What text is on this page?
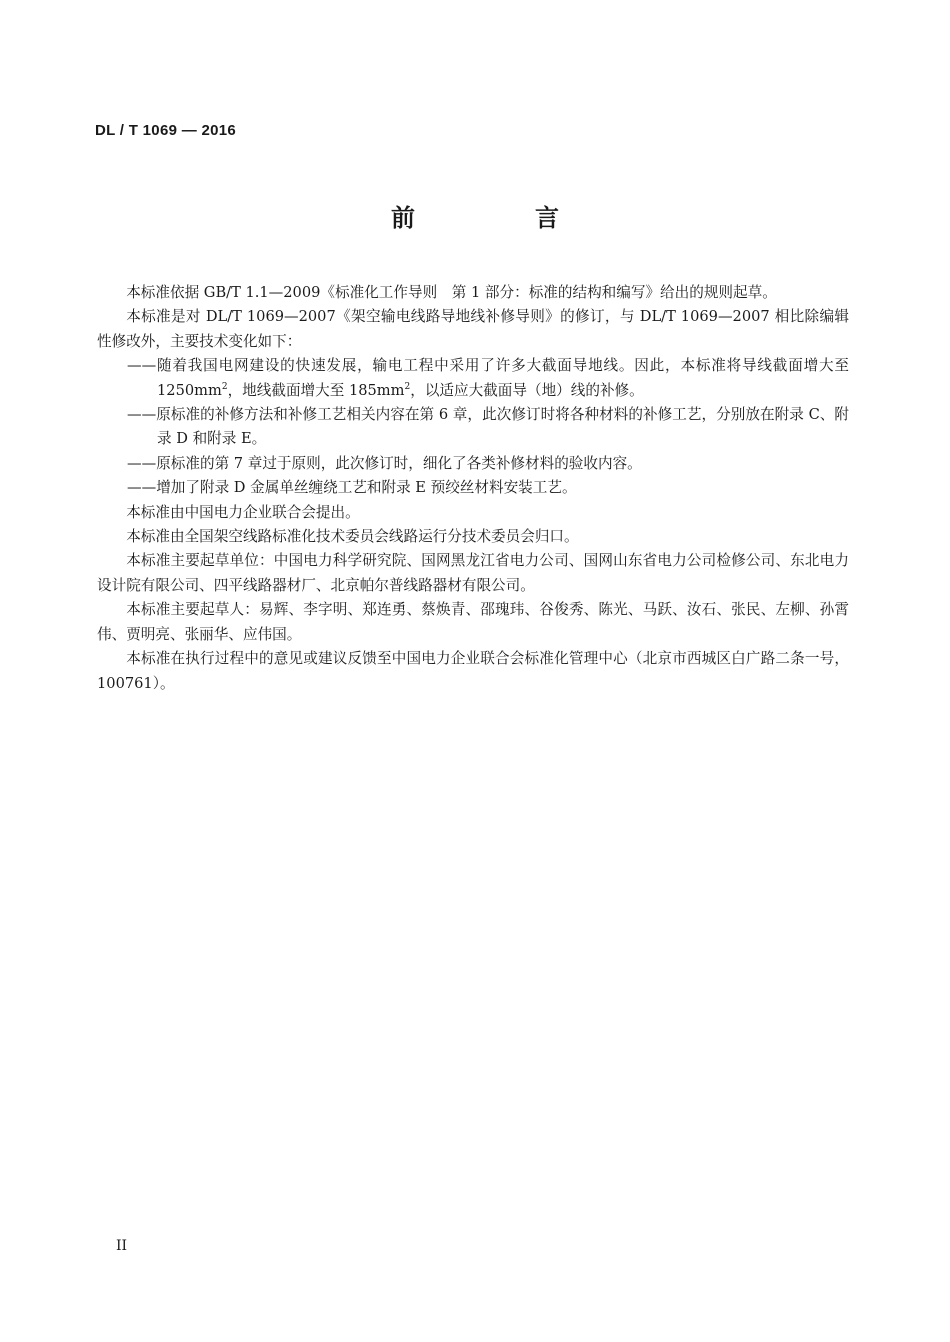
DL / T 1069 — 2016
前　言

本标准依据 GB/T 1.1—2009《标准化工作导则　第 1 部分：标准的结构和编写》给出的规则起草。

本标准是对 DL/T 1069—2007《架空输电线路导地线补修导则》的修订，与 DL/T 1069—2007 相比除编辑性修改外，主要技术变化如下：

——随着我国电网建设的快速发展，输电工程中采用了许多大截面导地线。因此，本标准将导线截面增大至 $1250mm^2$，地线截面增大至 $185mm^2$，以适应大截面导（地）线的补修。

——原标准的补修方法和补修工艺相关内容在第 6 章，此次修订时将各种材料的补修工艺，分别放在附录 C、附录 D 和附录 E。

——原标准的第 7 章过于原则，此次修订时，细化了各类补修材料的验收内容。

——增加了附录 D 金属单丝缠绕工艺和附录 E 预绞丝材料安装工艺。

本标准由中国电力企业联合会提出。

本标准由全国架空线路标准化技术委员会线路运行分技术委员会归口。

本标准主要起草单位：中国电力科学研究院、国网黑龙江省电力公司、国网山东省电力公司检修公司、东北电力设计院有限公司、四平线路器材厂、北京帕尔普线路器材有限公司。

本标准主要起草人：易辉、李字明、郑连勇、蔡焕青、邵瑰玮、谷俊秀、陈光、马跃、汝石、张民、左柳、孙霄伟、贾明亮、张丽华、应伟国。

本标准在执行过程中的意见或建议反馈至中国电力企业联合会标准化管理中心（北京市西城区白广路二条一号，100761）。

II
